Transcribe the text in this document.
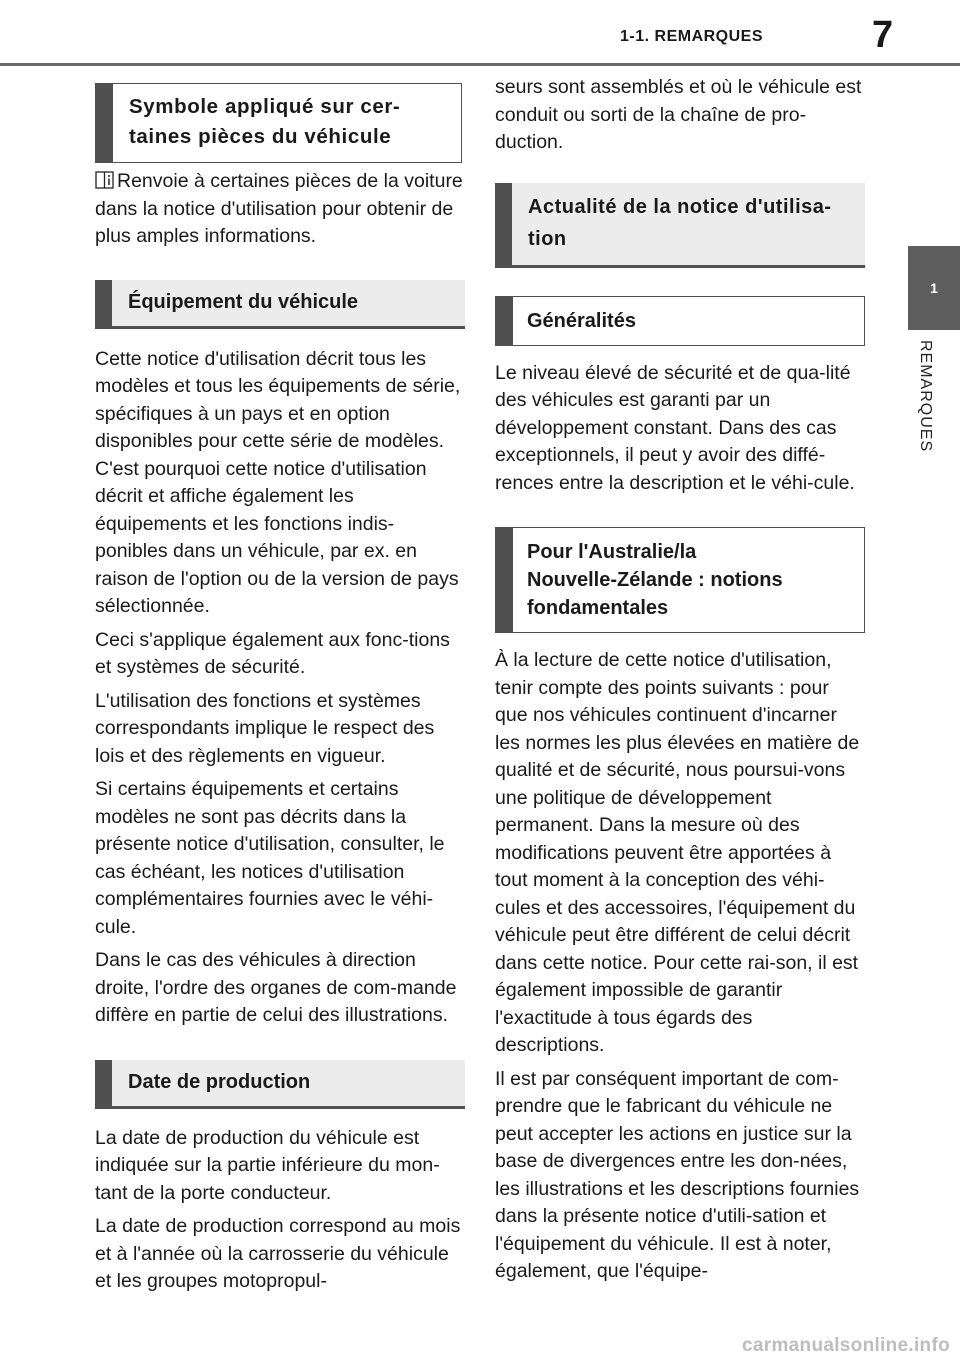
1-1. REMARQUES	7
1
REMARQUES
Symbole appliqué sur cer-
taines pièces du véhicule

Renvoie à certaines pièces de la voiture dans la notice d'utilisation pour obtenir de plus amples informations.

Équipement du véhicule

Cette notice d'utilisation décrit tous les modèles et tous les équipements de série, spécifiques à un pays et en option disponibles pour cette série de modèles. C'est pourquoi cette notice d'utilisation décrit et affiche également les équipements et les fonctions indis-ponibles dans un véhicule, par ex. en raison de l'option ou de la version de pays sélectionnée.

Ceci s'applique également aux fonc-tions et systèmes de sécurité.

L'utilisation des fonctions et systèmes correspondants implique le respect des lois et des règlements en vigueur.

Si certains équipements et certains modèles ne sont pas décrits dans la présente notice d'utilisation, consulter, le cas échéant, les notices d'utilisation complémentaires fournies avec le véhi-cule.

Dans le cas des véhicules à direction droite, l'ordre des organes de com-mande diffère en partie de celui des illustrations.

Date de production

La date de production du véhicule est indiquée sur la partie inférieure du mon-tant de la porte conducteur.

La date de production correspond au mois et à l'année où la carrosserie du véhicule et les groupes motopropul-

seurs sont assemblés et où le véhicule est conduit ou sorti de la chaîne de pro-duction.

Actualité de la notice d'utilisa-
tion
Généralités

Le niveau élevé de sécurité et de qua-lité des véhicules est garanti par un développement constant. Dans des cas exceptionnels, il peut y avoir des diffé-rences entre la description et le véhi-cule.

Pour l'Australie/la
Nouvelle-Zélande : notions
fondamentales

À la lecture de cette notice d'utilisation, tenir compte des points suivants : pour que nos véhicules continuent d'incarner les normes les plus élevées en matière de qualité et de sécurité, nous poursui-vons une politique de développement permanent. Dans la mesure où des modifications peuvent être apportées à tout moment à la conception des véhi-cules et des accessoires, l'équipement du véhicule peut être différent de celui décrit dans cette notice. Pour cette rai-son, il est également impossible de garantir l'exactitude à tous égards des descriptions.

Il est par conséquent important de com-prendre que le fabricant du véhicule ne peut accepter les actions en justice sur la base de divergences entre les don-nées, les illustrations et les descriptions fournies dans la présente notice d'utili-sation et l'équipement du véhicule. Il est à noter, également, que l'équipe-

carmanualsonline.info
